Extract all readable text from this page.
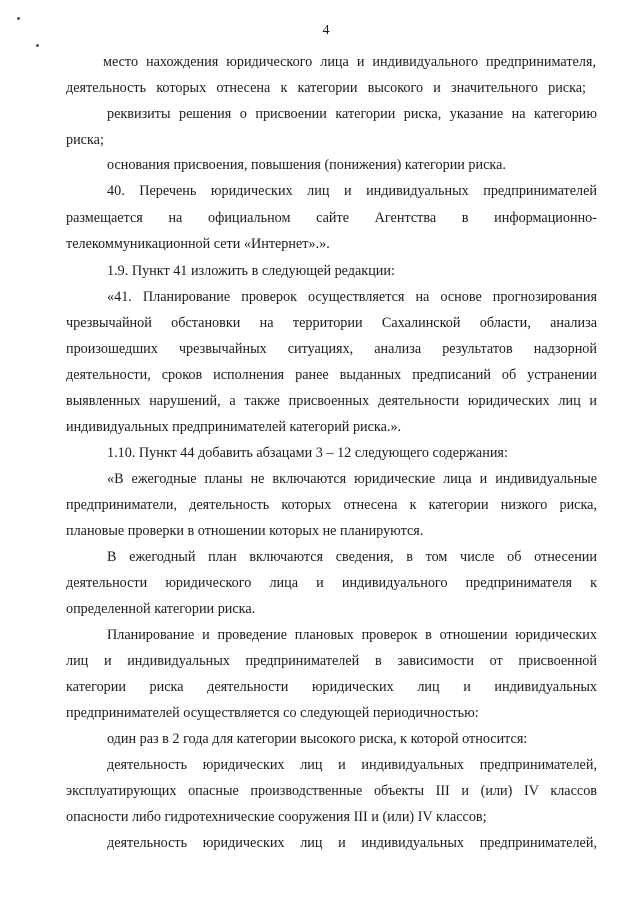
4
место нахождения юридического лица и индивидуального предпринимателя,
деятельность которых отнесена к категории высокого и значительного риска;
реквизиты решения о присвоении категории риска, указание на категорию
риска;
основания присвоения, повышения (понижения) категории риска.
40. Перечень юридических лиц и индивидуальных предпринимателей
размещается на официальном сайте Агентства в информационно-
телекоммуникационной сети «Интернет».».
1.9. Пункт 41 изложить в следующей редакции:
«41. Планирование проверок осуществляется на основе прогнозирования
чрезвычайной обстановки на территории Сахалинской области, анализа
произошедших чрезвычайных ситуациях, анализа результатов надзорной
деятельности, сроков исполнения ранее выданных предписаний об устранении
выявленных нарушений, а также присвоенных деятельности юридических лиц и
индивидуальных предпринимателей категорий риска.».
1.10. Пункт 44 добавить абзацами 3 – 12 следующего содержания:
«В ежегодные планы не включаются юридические лица и индивидуальные
предприниматели, деятельность которых отнесена к категории низкого риска,
плановые проверки в отношении которых не планируются.
В ежегодный план включаются сведения, в том числе об отнесении
деятельности юридического лица и индивидуального предпринимателя к
определенной категории риска.
Планирование и проведение плановых проверок в отношении юридических
лиц и индивидуальных предпринимателей в зависимости от присвоенной
категории риска деятельности юридических лиц и индивидуальных
предпринимателей осуществляется со следующей периодичностью:
один раз в 2 года для категории высокого риска, к которой относится:
деятельность юридических лиц и индивидуальных предпринимателей,
эксплуатирующих опасные производственные объекты III и (или) IV классов
опасности либо гидротехнические сооружения III и (или) IV классов;
деятельность юридических лиц и индивидуальных предпринимателей,
